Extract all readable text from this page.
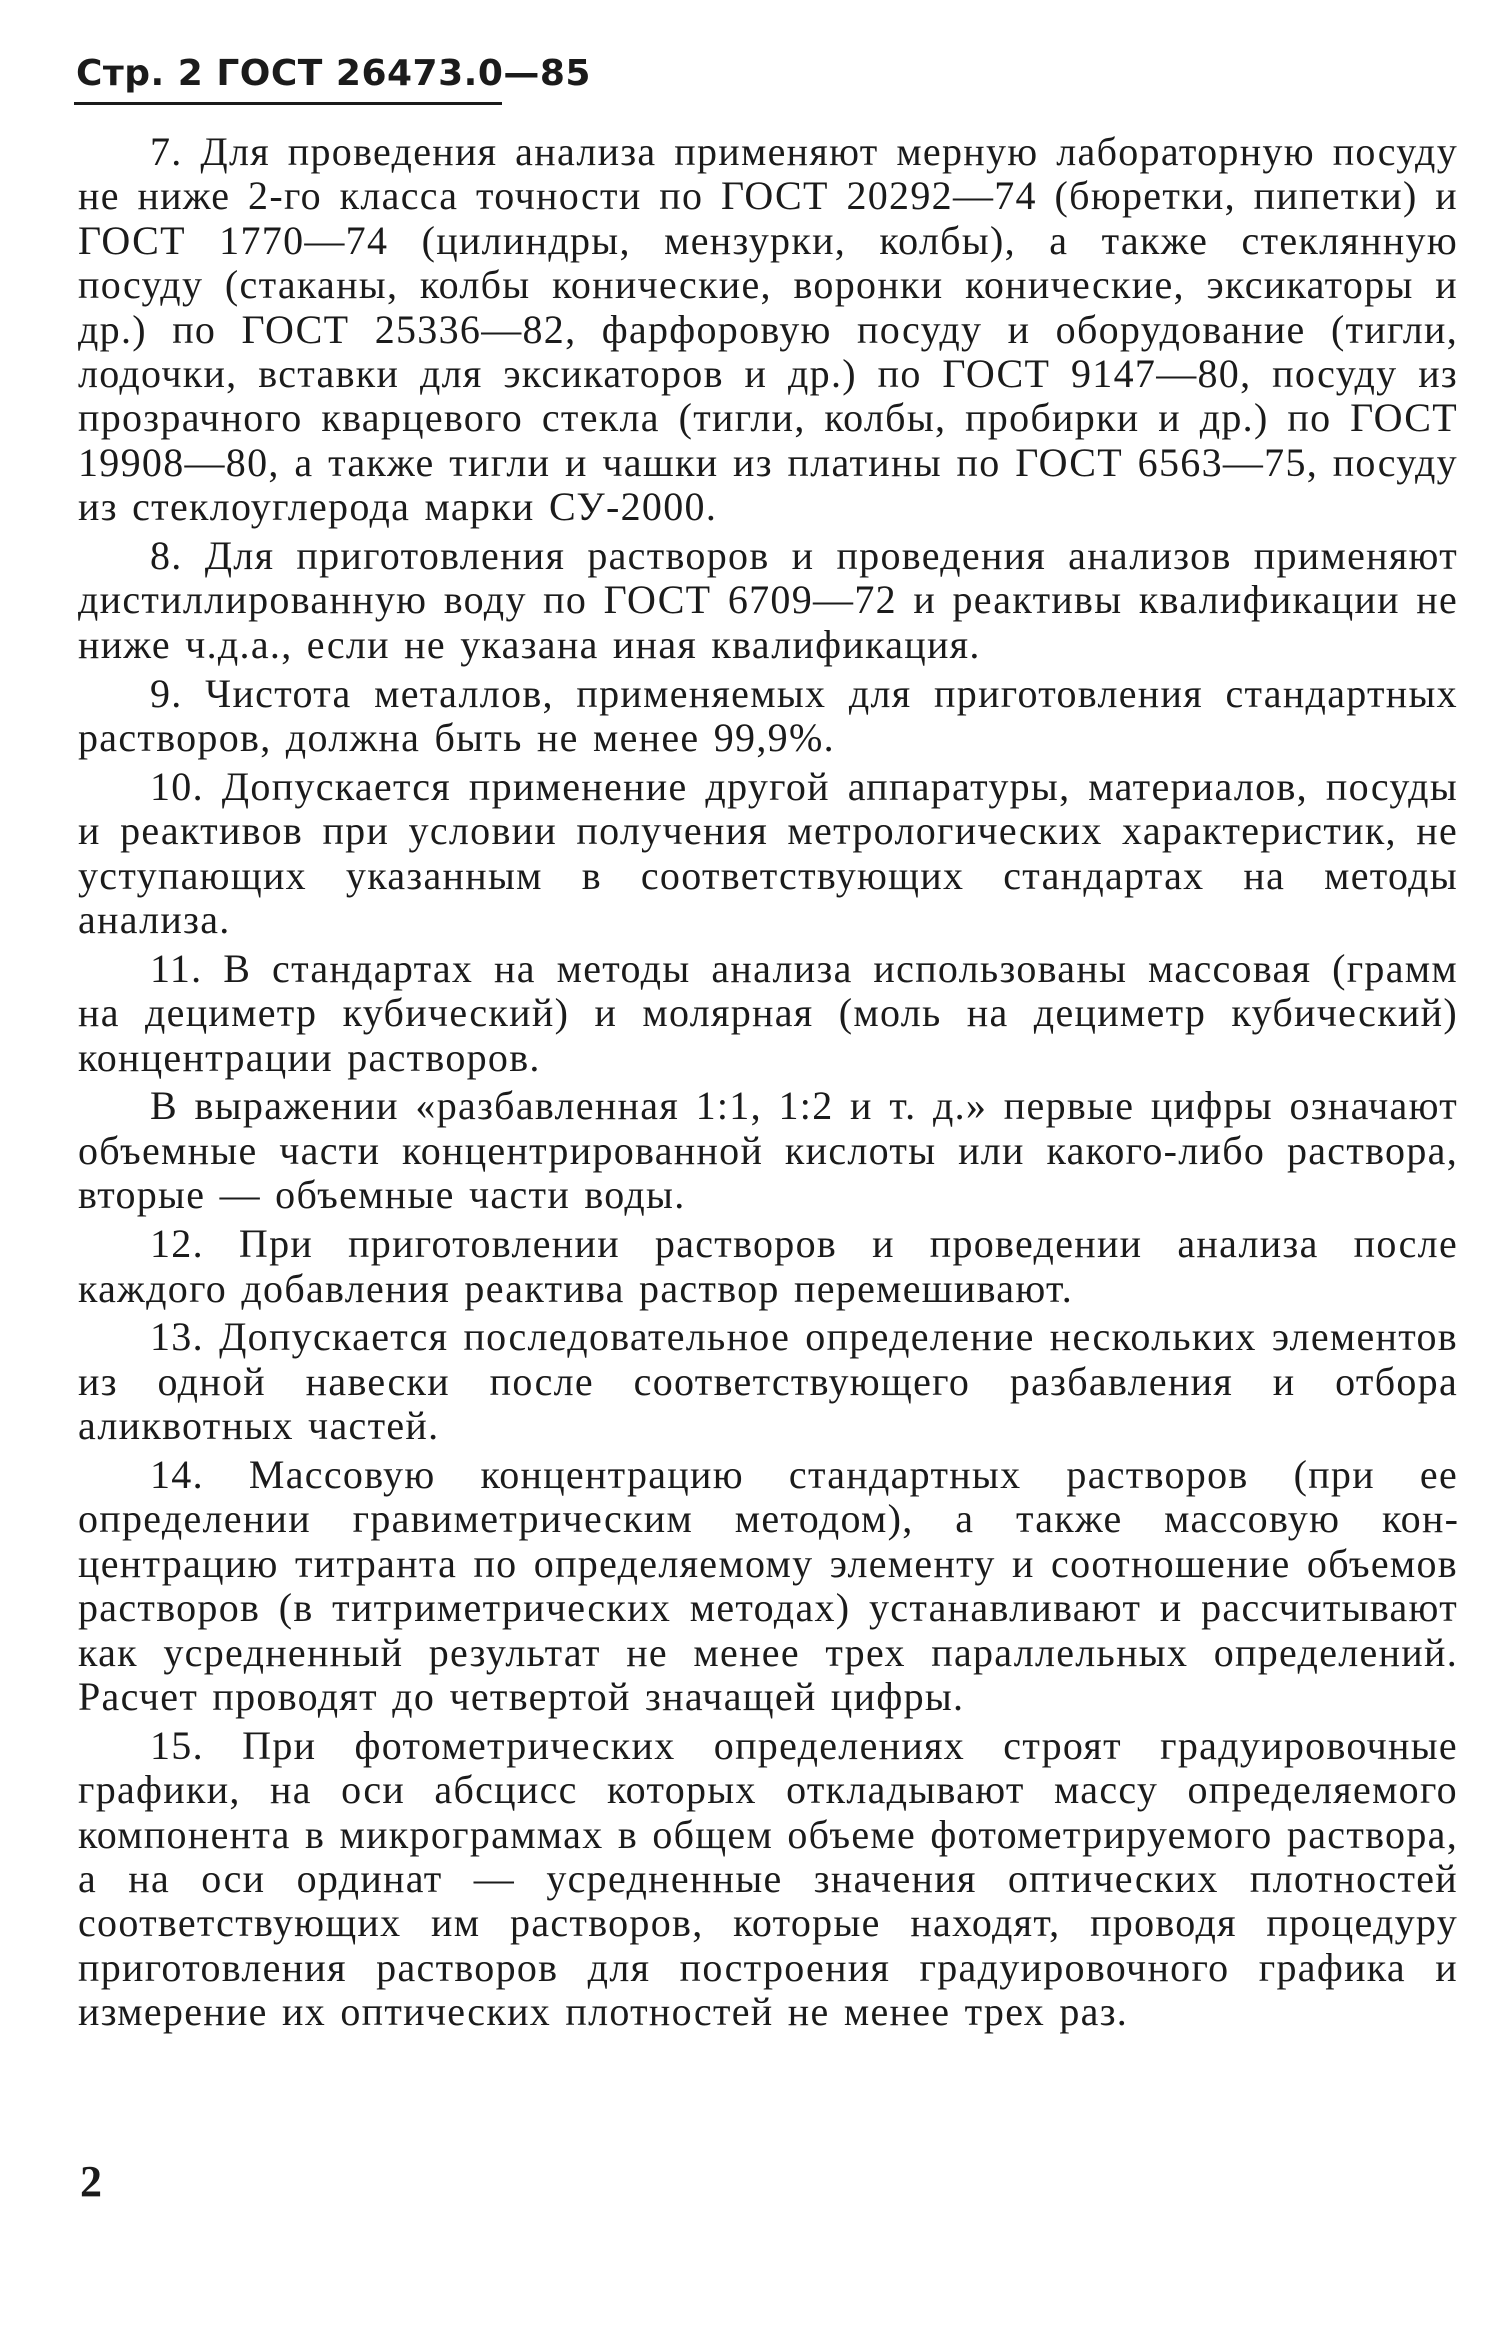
Стр. 2 ГОСТ 26473.0—85

7. Для проведения анализа применяют мерную лабораторную посуду не ниже 2-го класса точности по ГОСТ 20292—74 (бюретки, пипетки) и ГОСТ 1770—74 (цилиндры, мензурки, колбы), а также стеклянную посуду (стаканы, колбы конические, воронки конические, эксикаторы и др.) по ГОСТ 25336—82, фарфоровую посуду и оборудование (тигли, лодочки, вставки для эксикаторов и др.) по ГОСТ 9147—80, посуду из прозрачного кварцевого стекла (тигли, колбы, пробирки и др.) по ГОСТ 19908—80, а также тигли и чашки из платины по ГОСТ 6563—75, посуду из стеклоуглерода марки СУ-2000.

8. Для приготовления растворов и проведения анализов применяют дистиллированную воду по ГОСТ 6709—72 и реактивы квалификации не ниже ч.д.а., если не указана иная квалификация.

9. Чистота металлов, применяемых для приготовления стандартных растворов, должна быть не менее 99,9%.

10. Допускается применение другой аппаратуры, материалов, посуды и реактивов при условии получения метрологических характеристик, не уступающих указанным в соответствующих стандартах на методы анализа.

11. В стандартах на методы анализа использованы массовая (грамм на дециметр кубический) и молярная (моль на дециметр кубический) концентрации растворов.

В выражении «разбавленная 1:1, 1:2 и т. д.» первые цифры означают объемные части концентрированной кислоты или какого-либо раствора, вторые — объемные части воды.

12. При приготовлении растворов и проведении анализа после каждого добавления реактива раствор перемешивают.

13. Допускается последовательное определение нескольких элементов из одной навески после соответствующего разбавления и отбора аликвотных частей.

14. Массовую концентрацию стандартных растворов (при ее определении гравиметрическим методом), а также массовую концентрацию титранта по определяемому элементу и соотношение объемов растворов (в титриметрических методах) устанавливают и рассчитывают как усредненный результат не менее трех параллельных определений. Расчет проводят до четвертой значащей цифры.

15. При фотометрических определениях строят градуировочные графики, на оси абсцисс которых откладывают массу определяемого компонента в микрограммах в общем объеме фотометрируемого раствора, а на оси ординат — усредненные значения оптических плотностей соответствующих им растворов, которые находят, проводя процедуру приготовления растворов для построения градуировочного графика и измерение их оптических плотностей не менее трех раз.

2
